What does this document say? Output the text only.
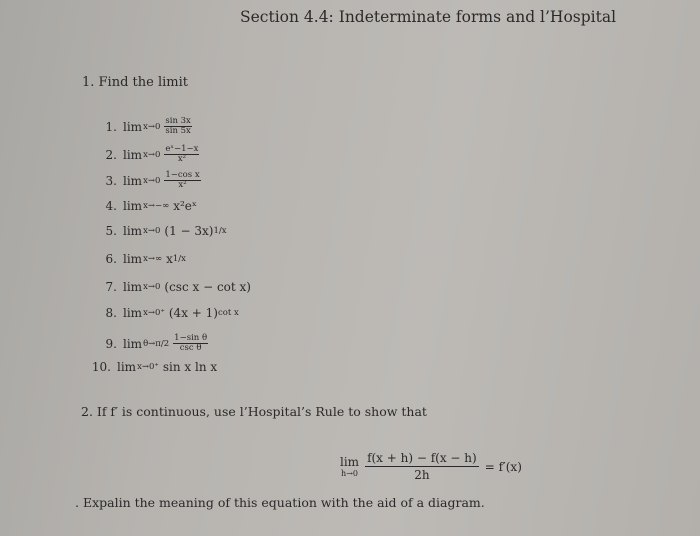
Section 4.4: Indeterminate forms and l’Hospital
1. Find the limit
1. $\lim x\to 0 \frac{\sin 3x}{\sin 5x}$
2. $\lim x\to 0 \frac{\text{eˣ−1−x}}{\text{x²}}$
3. $\lim x\to 0 \frac{\text{1−cos x}}{\text{x²}}$
4. lim x→−∞ x²eˣ
5. lim x→0 (1 − 3x) 1/x
6. lim x→∞ x 1/x
7. lim x→0 (csc x − cot x)
8. lim x→0⁺ (4x + 1) cot x
9. $\lim \theta\to\pi/2 \frac{\text{1−sin θ}}{\text{csc θ}}$
10. lim x→0⁺ sin x ln x
2. If f′ is continuous, use l’Hospital’s Rule to show that
lim
$h\to 0 \frac{f(x + h) - f(x - h)}{2h} = f'(x)$
. Expalin the meaning of this equation with the aid of a diagram.
